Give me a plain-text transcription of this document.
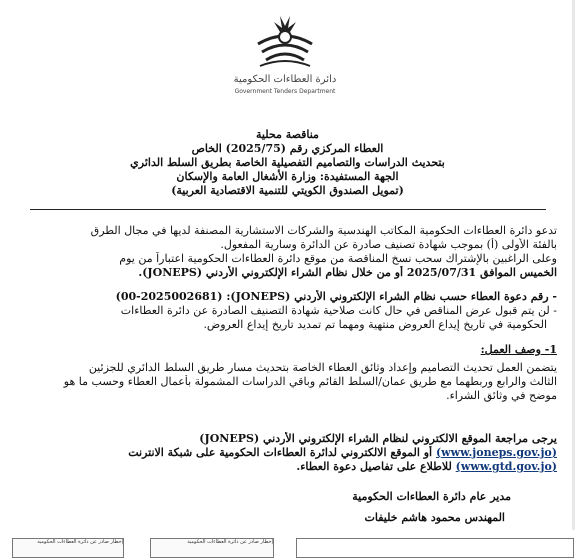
دائرة العطاءات الحكومية
Government Tenders Department
مناقصة محلية
العطاء المركزي رقم (2025/75) الخاص
بتحديث الدراسات والتصاميم التفصيلية الخاصة بطريق السلط الدائري
الجهة المستفيدة: وزارة الأشغال العامة والإسكان
(تمويل الصندوق الكويتي للتنمية الاقتصادية العربية)
تدعو دائرة العطاءات الحكومية المكاتب الهندسية والشركات الاستشارية المصنفة لديها في مجال الطرق
بالفئة الأولى (أ) بموجب شهادة تصنيف صادرة عن الدائرة وسارية المفعول.
وعلى الراغبين بالإشتراك سحب نسخ المناقصة من موقع دائرة العطاءات الحكومية اعتباراً من يوم
الخميس الموافق 2025/07/31 أو من خلال نظام الشراء الإلكتروني الأردني (JONEPS).
- رقم دعوة العطاء حسب نظام الشراء الإلكتروني الأردني (JONEPS): (00-2025002681)
- لن يتم قبول عرض المناقص في حال كانت صلاحية شهادة التصنيف الصادرة عن دائرة العطاءات
الحكومية في تاريخ إيداع العروض منتهية ومهما تم تمديد تاريخ إيداع العروض.
1- وصف العمل:
يتضمن العمل تحديث التصاميم وإعداد وثائق العطاء الخاصة بتحديث مسار طريق السلط الدائري للجزئين
الثالث والرابع وربطهما مع طريق عمان/السلط القائم وباقي الدراسات المشمولة بأعمال العطاء وحسب ما هو
موضح في وثائق الشراء.
يرجى مراجعة الموقع الالكتروني لنظام الشراء الإلكتروني الأردني (JONEPS)
(www.joneps.gov.jo) أو الموقع الالكتروني لدائرة العطاءات الحكومية على شبكة الانترنت
(www.gtd.gov.jo) للاطلاع على تفاصيل دعوة العطاء.
مدير عام دائرة العطاءات الحكومية
المهندس محمود هاشم خليفات
إخطار صادر عن دائرة العطاءات الحكومية	إخطار صادر عن دائرة العطاءات الحكومية
